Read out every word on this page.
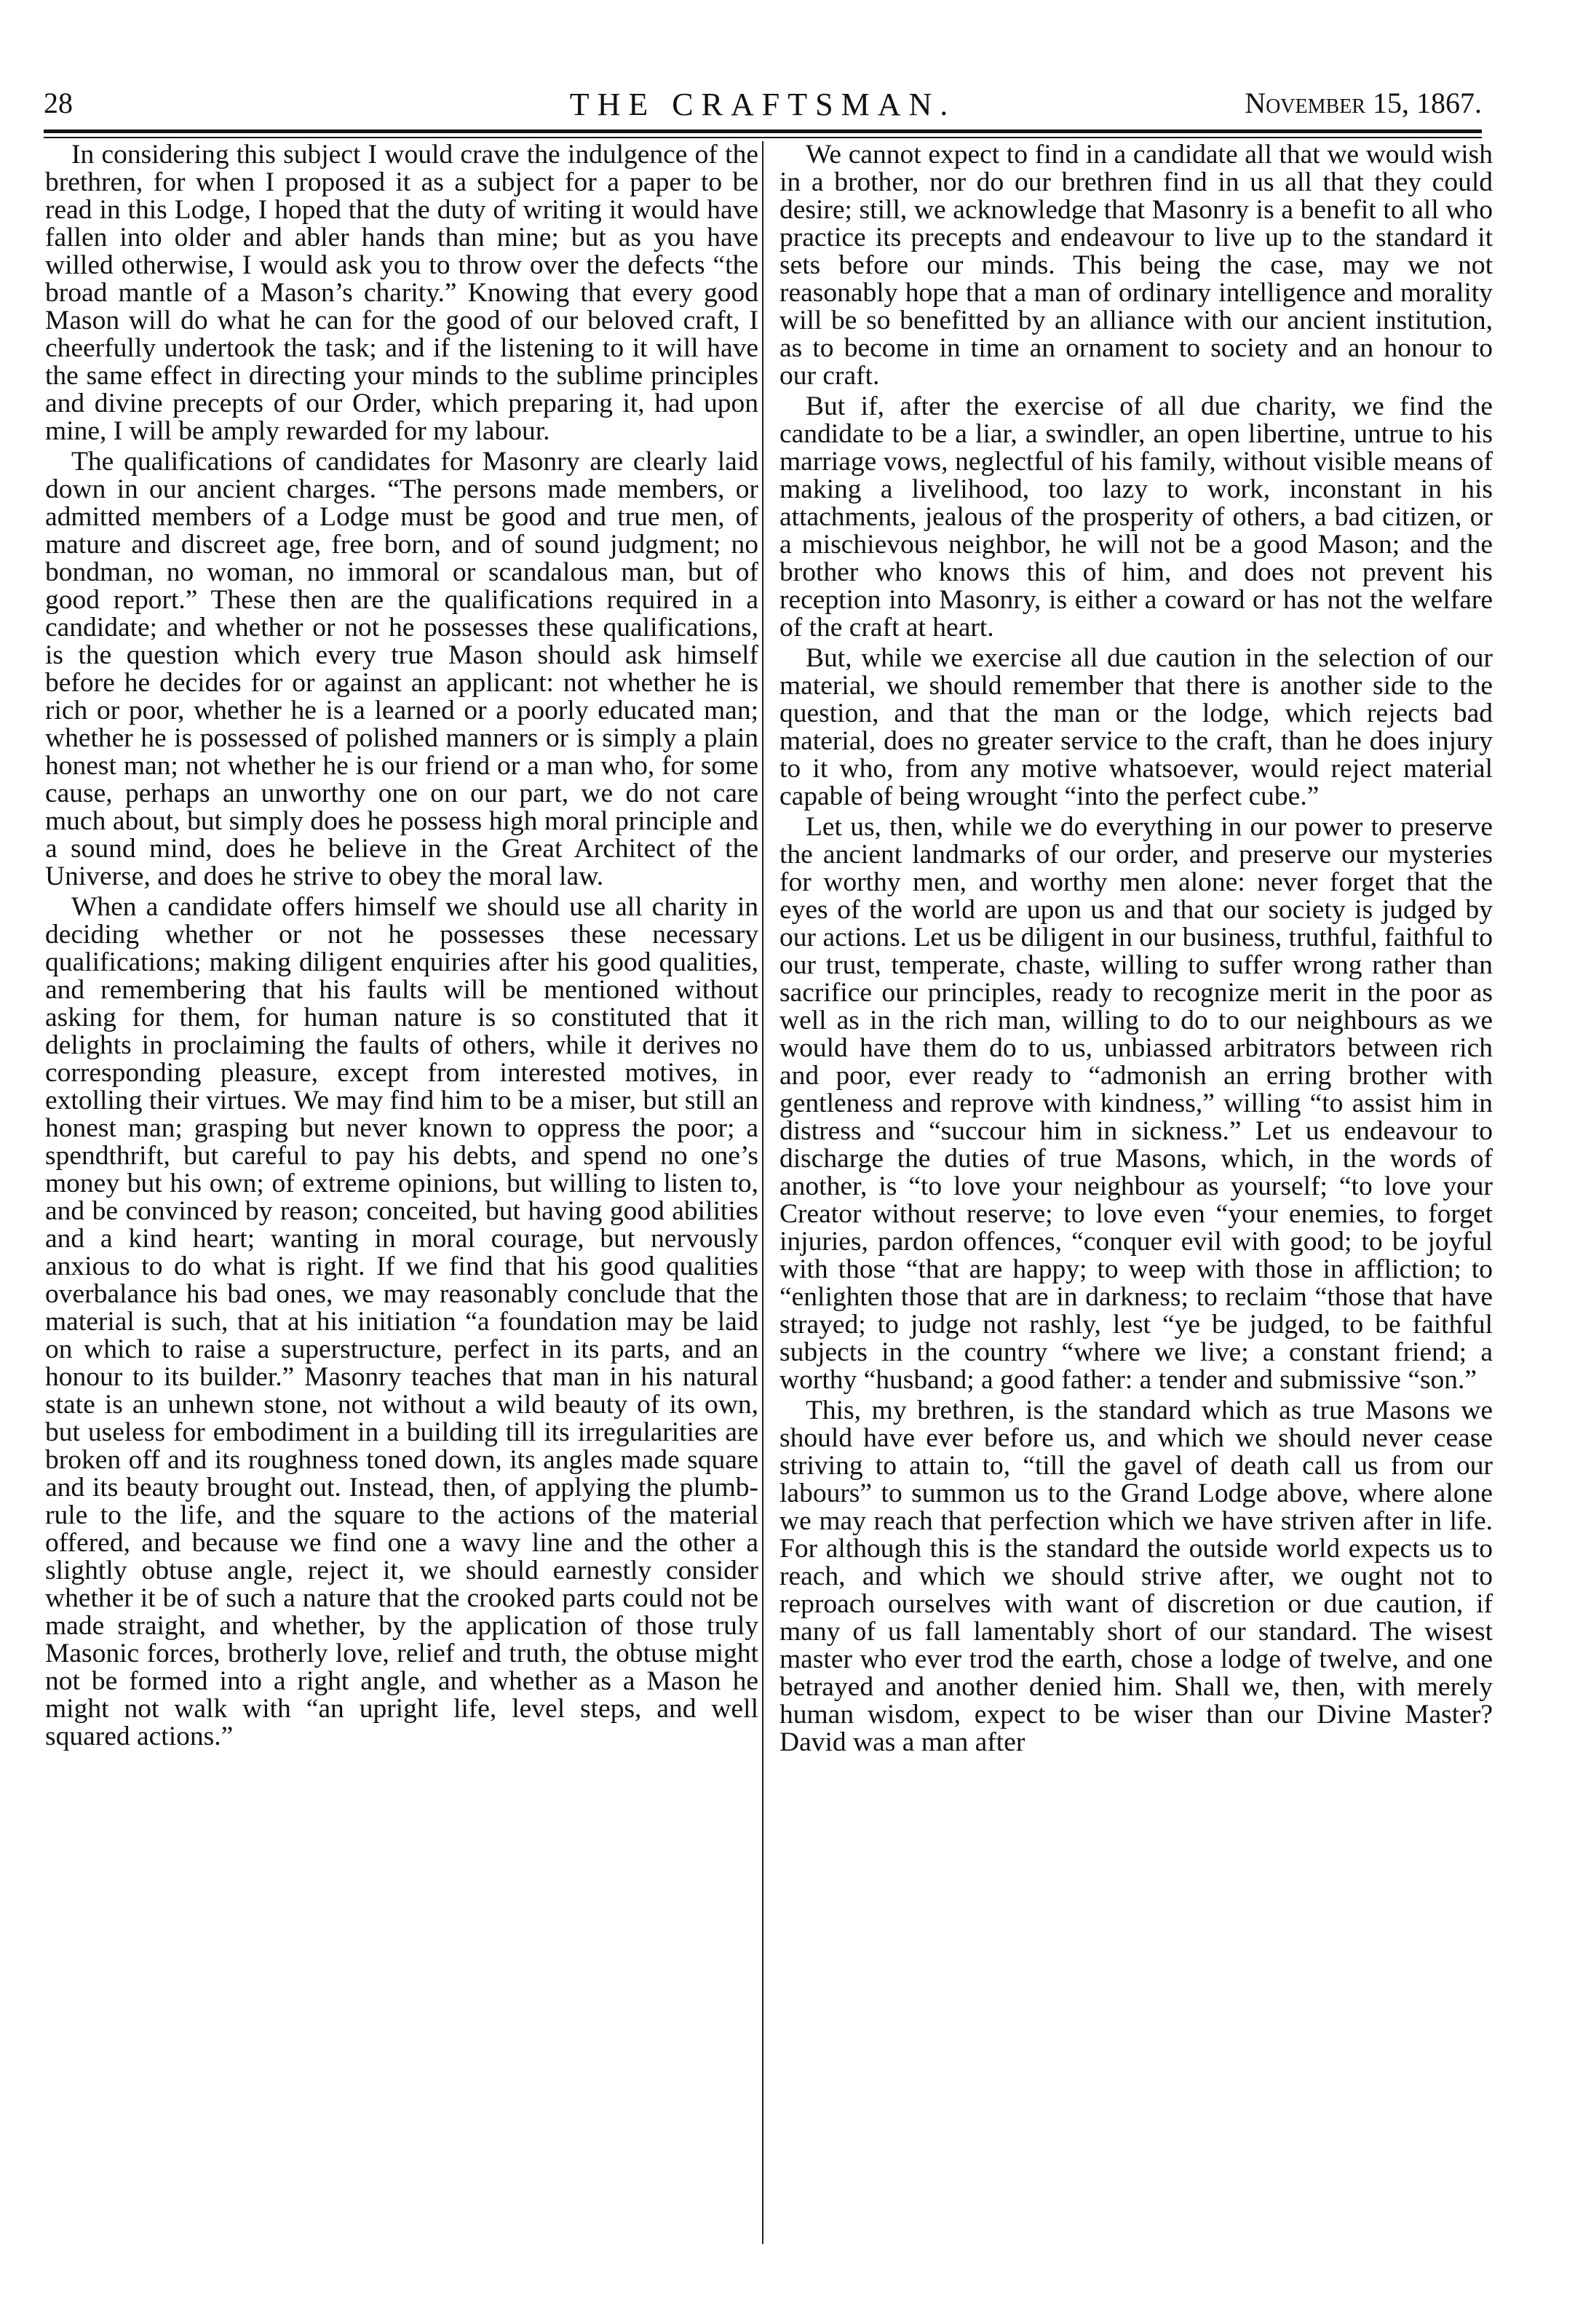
28	THE CRAFTSMAN.	November 15, 1867.

In considering this subject I would crave the indulgence of the brethren, for when I proposed it as a subject for a paper to be read in this Lodge, I hoped that the duty of writing it would have fallen into older and abler hands than mine; but as you have willed otherwise, I would ask you to throw over the defects “the broad mantle of a Mason’s charity.” Knowing that every good Mason will do what he can for the good of our beloved craft, I cheerfully undertook the task; and if the listening to it will have the same effect in directing your minds to the sublime principles and divine precepts of our Order, which preparing it, had upon mine, I will be amply rewarded for my labour.

The qualifications of candidates for Masonry are clearly laid down in our ancient charges. “The persons made members, or admitted members of a Lodge must be good and true men, of mature and discreet age, free born, and of sound judgment; no bondman, no woman, no immoral or scandalous man, but of good report.” These then are the qualifications required in a candidate; and whether or not he possesses these qualifications, is the question which every true Mason should ask himself before he decides for or against an applicant: not whether he is rich or poor, whether he is a learned or a poorly educated man; whether he is possessed of polished manners or is simply a plain honest man; not whether he is our friend or a man who, for some cause, perhaps an unworthy one on our part, we do not care much about, but simply does he possess high moral principle and a sound mind, does he believe in the Great Architect of the Universe, and does he strive to obey the moral law.

When a candidate offers himself we should use all charity in deciding whether or not he possesses these necessary qualifications; making diligent enquiries after his good qualities, and remembering that his faults will be mentioned without asking for them, for human nature is so constituted that it delights in proclaiming the faults of others, while it derives no corresponding pleasure, except from interested motives, in extolling their virtues. We may find him to be a miser, but still an honest man; grasping but never known to oppress the poor; a spendthrift, but careful to pay his debts, and spend no one’s money but his own; of extreme opinions, but willing to listen to, and be convinced by reason; conceited, but having good abilities and a kind heart; wanting in moral courage, but nervously anxious to do what is right. If we find that his good qualities overbalance his bad ones, we may reasonably conclude that the material is such, that at his initiation “a foundation may be laid on which to raise a superstructure, perfect in its parts, and an honour to its builder.” Masonry teaches that man in his natural state is an unhewn stone, not without a wild beauty of its own, but useless for embodiment in a building till its irregularities are broken off and its roughness toned down, its angles made square and its beauty brought out. Instead, then, of applying the plumb-rule to the life, and the square to the actions of the material offered, and because we find one a wavy line and the other a slightly obtuse angle, reject it, we should earnestly consider whether it be of such a nature that the crooked parts could not be made straight, and whether, by the application of those truly Masonic forces, brotherly love, relief and truth, the obtuse might not be formed into a right angle, and whether as a Mason he might not walk with “an upright life, level steps, and well squared actions.”

We cannot expect to find in a candidate all that we would wish in a brother, nor do our brethren find in us all that they could desire; still, we acknowledge that Masonry is a benefit to all who practice its precepts and endeavour to live up to the standard it sets before our minds. This being the case, may we not reasonably hope that a man of ordinary intelligence and morality will be so benefitted by an alliance with our ancient institution, as to become in time an ornament to society and an honour to our craft.

But if, after the exercise of all due charity, we find the candidate to be a liar, a swindler, an open libertine, untrue to his marriage vows, neglectful of his family, without visible means of making a livelihood, too lazy to work, inconstant in his attachments, jealous of the prosperity of others, a bad citizen, or a mischievous neighbor, he will not be a good Mason; and the brother who knows this of him, and does not prevent his reception into Masonry, is either a coward or has not the welfare of the craft at heart.

But, while we exercise all due caution in the selection of our material, we should remember that there is another side to the question, and that the man or the lodge, which rejects bad material, does no greater service to the craft, than he does injury to it who, from any motive whatsoever, would reject material capable of being wrought “into the perfect cube.”

Let us, then, while we do everything in our power to preserve the ancient landmarks of our order, and preserve our mysteries for worthy men, and worthy men alone: never forget that the eyes of the world are upon us and that our society is judged by our actions. Let us be diligent in our business, truthful, faithful to our trust, temperate, chaste, willing to suffer wrong rather than sacrifice our principles, ready to recognize merit in the poor as well as in the rich man, willing to do to our neighbours as we would have them do to us, unbiassed arbitrators between rich and poor, ever ready to “admonish an erring brother with gentleness and reprove with kindness,” willing “to assist him in distress and “succour him in sickness.” Let us endeavour to discharge the duties of true Masons, which, in the words of another, is “to love your neighbour as yourself; “to love your Creator without reserve; to love even “your enemies, to forget injuries, pardon offences, “conquer evil with good; to be joyful with those “that are happy; to weep with those in affliction; to “enlighten those that are in darkness; to reclaim “those that have strayed; to judge not rashly, lest “ye be judged, to be faithful subjects in the country “where we live; a constant friend; a worthy “husband; a good father: a tender and submissive “son.”

This, my brethren, is the standard which as true Masons we should have ever before us, and which we should never cease striving to attain to, “till the gavel of death call us from our labours” to summon us to the Grand Lodge above, where alone we may reach that perfection which we have striven after in life. For although this is the standard the outside world expects us to reach, and which we should strive after, we ought not to reproach ourselves with want of discretion or due caution, if many of us fall lamentably short of our standard. The wisest master who ever trod the earth, chose a lodge of twelve, and one betrayed and another denied him. Shall we, then, with merely human wisdom, expect to be wiser than our Divine Master? David was a man after
